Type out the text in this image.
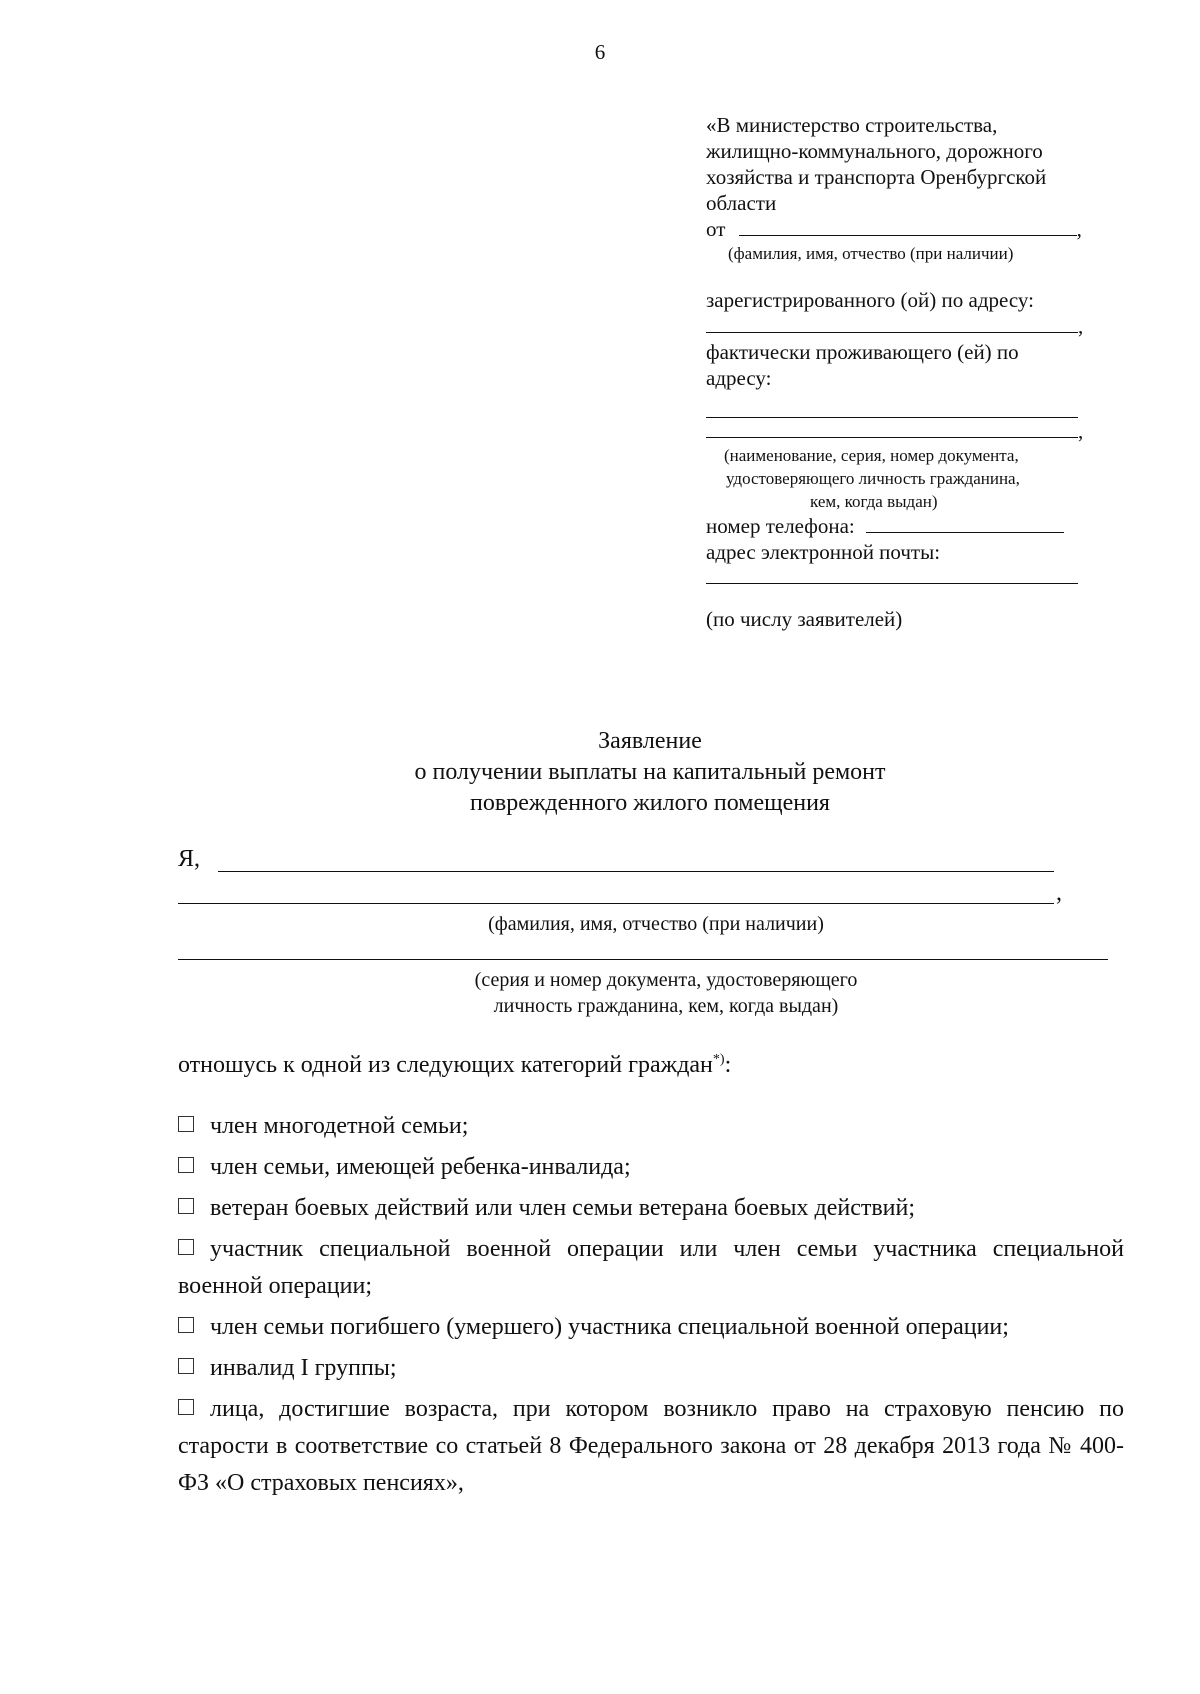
6
«В министерство строительства,
жилищно-коммунального, дорожного
хозяйства и транспорта Оренбургской
области
от	,
(фамилия, имя, отчество (при наличии)
зарегистрированного (ой) по адресу:
,
фактически проживающего (ей) по
адресу:
,
(наименование, серия, номер документа,
удостоверяющего личность гражданина,
кем, когда выдан)
номер телефона:
адрес электронной почты:
(по числу заявителей)
Заявление
о получении выплаты на капитальный ремонт
поврежденного жилого помещения
Я,
,
(фамилия, имя, отчество (при наличии)
(серия и номер документа, удостоверяющего
личность гражданина, кем, когда выдан)
отношусь к одной из следующих категорий граждан*):
член многодетной семьи;
член семьи, имеющей ребенка-инвалида;
ветеран боевых действий или член семьи ветерана боевых действий;
участник специальной военной операции или член семьи участника специальной военной операции;
член семьи погибшего (умершего) участника специальной военной операции;
инвалид I группы;
лица, достигшие возраста, при котором возникло право на страховую пенсию по старости в соответствие со статьей 8 Федерального закона от 28 декабря 2013 года № 400-ФЗ «О страховых пенсиях»,
